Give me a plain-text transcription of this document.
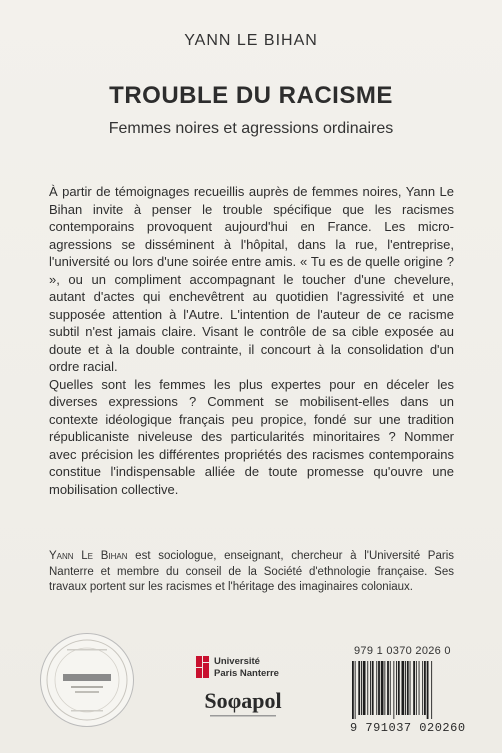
YANN LE BIHAN
TROUBLE DU RACISME
Femmes noires et agressions ordinaires

À partir de témoignages recueillis auprès de femmes noires, Yann Le Bihan invite à penser le trouble spécifique que les racismes contemporains provoquent aujourd'hui en France. Les micro-agressions se disséminent à l'hôpital, dans la rue, l'entreprise, l'université ou lors d'une soirée entre amis. « Tu es de quelle origine ? », ou un compliment accompagnant le toucher d'une chevelure, autant d'actes qui enchevêtrent au quotidien l'agressivité et une supposée attention à l'Autre. L'intention de l'auteur de ce racisme subtil n'est jamais claire. Visant le contrôle de sa cible exposée au doute et à la double contrainte, il concourt à la consolidation d'un ordre racial.

Quelles sont les femmes les plus expertes pour en déceler les diverses expressions ? Comment se mobilisent-elles dans un contexte idéologique français peu propice, fondé sur une tradition républicaniste niveleuse des particularités minoritaires ? Nommer avec précision les différentes propriétés des racismes contemporains constitue l'indispensable alliée de toute promesse qu'ouvre une mobilisation collective.

Yann Le Bihan est sociologue, enseignant, chercheur à l'Université Paris Nanterre et membre du conseil de la Société d'ethnologie française. Ses travaux portent sur les racismes et l'héritage des imaginaires coloniaux.

Université
Paris Nanterre
Soφapol
979 1 0370 2026 0
9 791037 020260
